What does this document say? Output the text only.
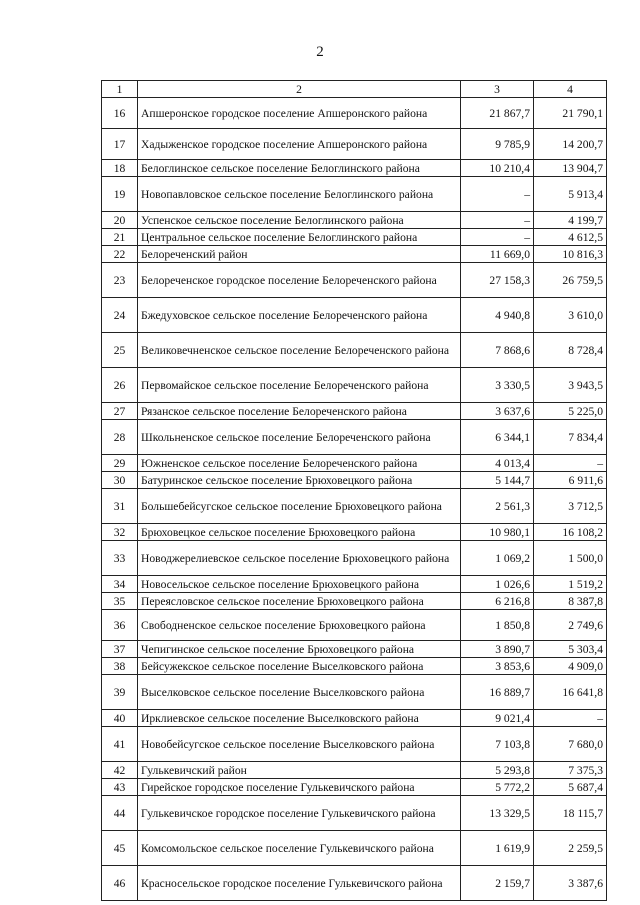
2
1	2	3	4
16	Апшеронское городское поселение Апшеронского района	21 867,7	21 790,1
17	Хадыженское городское поселение Апшеронского района	9 785,9	14 200,7
18	Белоглинское сельское поселение Белоглинского района	10 210,4	13 904,7
19	Новопавловское сельское поселение Белоглинского района	–	5 913,4
20	Успенское сельское поселение Белоглинского района	–	4 199,7
21	Центральное сельское поселение Белоглинского района	–	4 612,5
22	Белореченский район	11 669,0	10 816,3
23	Белореченское городское поселение Белореченского района	27 158,3	26 759,5
24	Бжедуховское сельское поселение Белореченского района	4 940,8	3 610,0
25	Великовечненское сельское поселение Белореченского района	7 868,6	8 728,4
26	Первомайское сельское поселение Белореченского района	3 330,5	3 943,5
27	Рязанское сельское поселение Белореченского района	3 637,6	5 225,0
28	Школьненское сельское поселение Белореченского района	6 344,1	7 834,4
29	Южненское сельское поселение Белореченского района	4 013,4	–
30	Батуринское сельское поселение Брюховецкого района	5 144,7	6 911,6
31	Большебейсугское сельское поселение Брюховецкого района	2 561,3	3 712,5
32	Брюховецкое сельское поселение Брюховецкого района	10 980,1	16 108,2
33	Новоджерелиевское сельское поселение Брюховецкого района	1 069,2	1 500,0
34	Новосельское сельское поселение Брюховецкого района	1 026,6	1 519,2
35	Переясловское сельское поселение Брюховецкого района	6 216,8	8 387,8
36	Свободненское сельское поселение Брюховецкого района	1 850,8	2 749,6
37	Чепигинское сельское поселение Брюховецкого района	3 890,7	5 303,4
38	Бейсужекское сельское поселение Выселковского района	3 853,6	4 909,0
39	Выселковское сельское поселение Выселковского района	16 889,7	16 641,8
40	Ирклиевское сельское поселение Выселковского района	9 021,4	–
41	Новобейсугское сельское поселение Выселковского района	7 103,8	7 680,0
42	Гулькевичский район	5 293,8	7 375,3
43	Гирейское городское поселение Гулькевичского района	5 772,2	5 687,4
44	Гулькевичское городское поселение Гулькевичского района	13 329,5	18 115,7
45	Комсомольское сельское поселение Гулькевичского района	1 619,9	2 259,5
46	Красносельское городское поселение Гулькевичского района	2 159,7	3 387,6
